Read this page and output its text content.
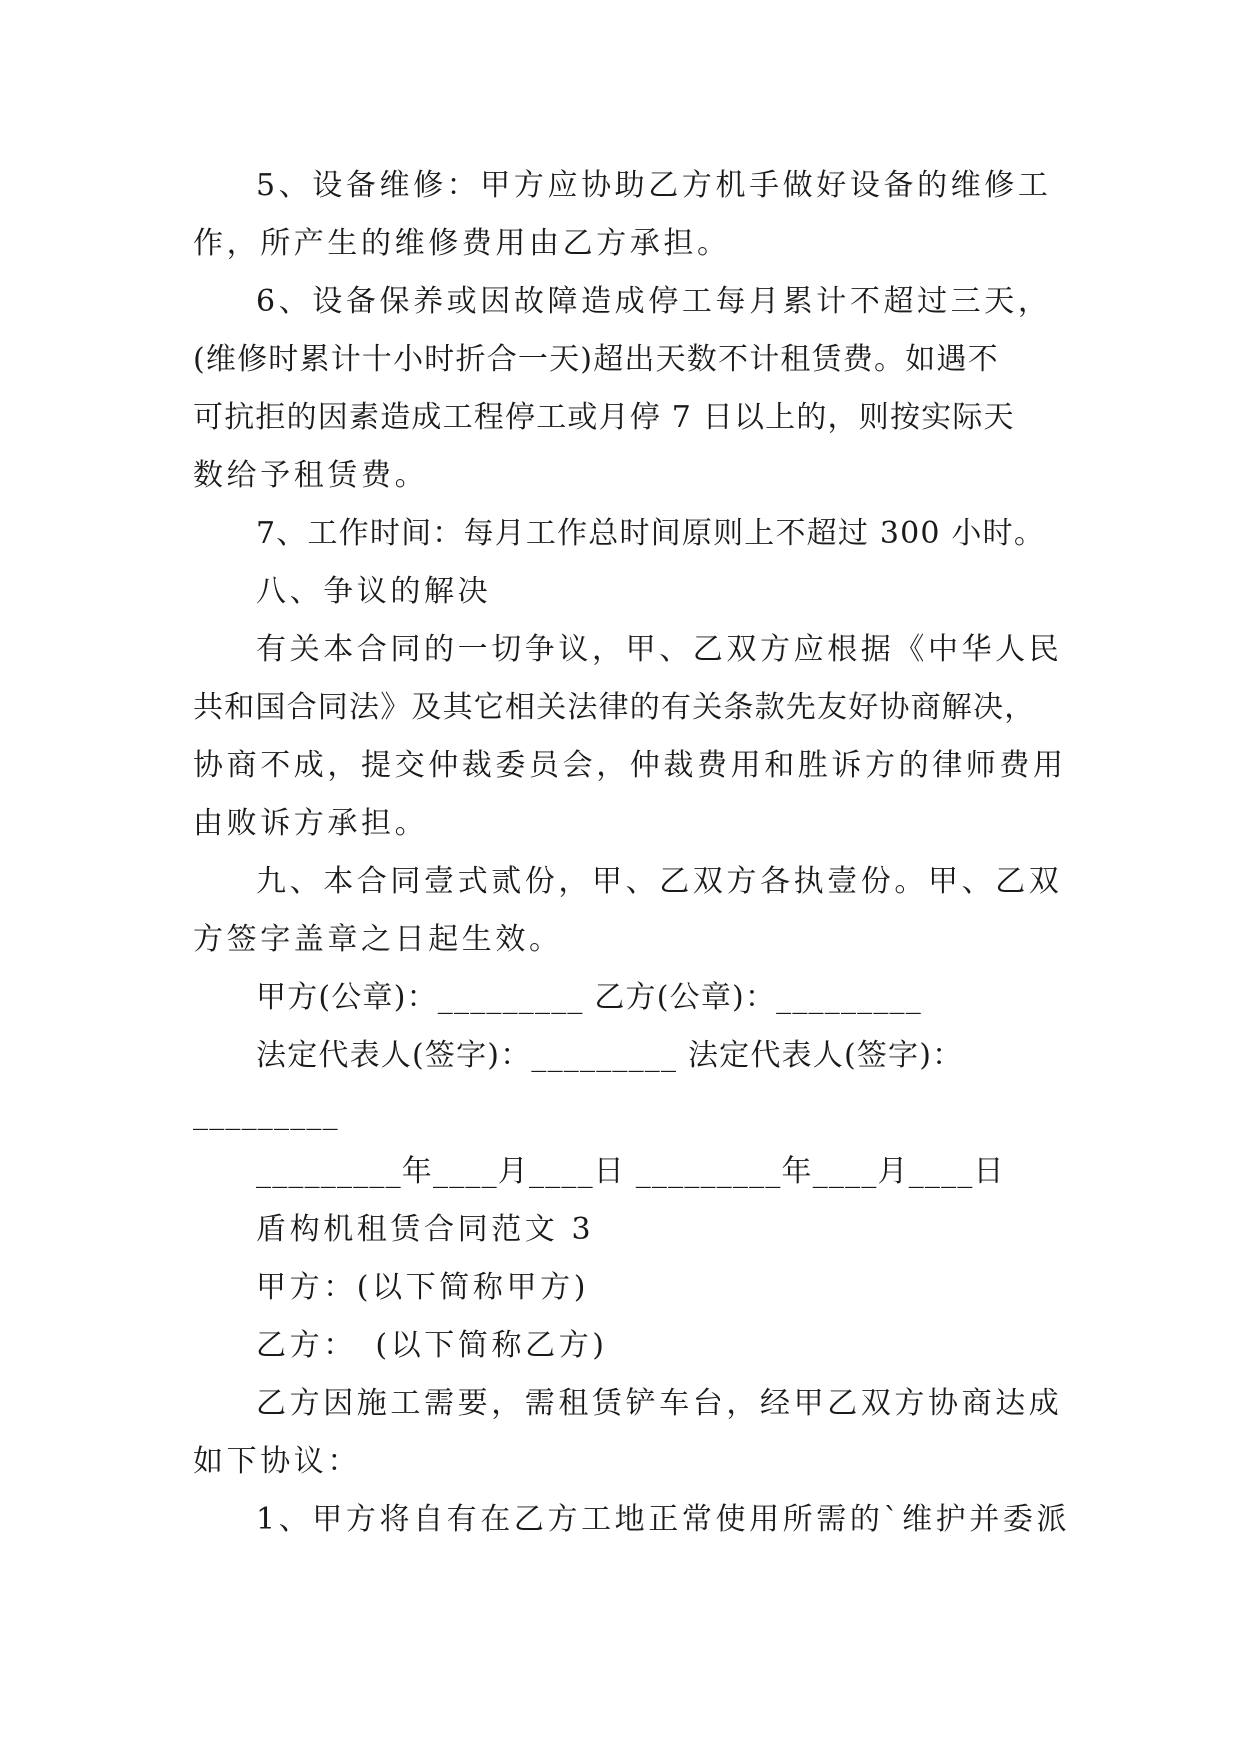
5、设备维修：甲方应协助乙方机手做好设备的维修工
作，所产生的维修费用由乙方承担。
6、设备保养或因故障造成停工每月累计不超过三天，
(维修时累计十小时折合一天)超出天数不计租赁费。如遇不
可抗拒的因素造成工程停工或月停 7 日以上的，则按实际天
数给予租赁费。
7、工作时间：每月工作总时间原则上不超过 300 小时。
八、争议的解决
有关本合同的一切争议，甲、乙双方应根据《中华人民
共和国合同法》及其它相关法律的有关条款先友好协商解决，
协商不成，提交仲裁委员会，仲裁费用和胜诉方的律师费用
由败诉方承担。
九、本合同壹式贰份，甲、乙双方各执壹份。甲、乙双
方签字盖章之日起生效。
甲方(公章)：_________ 乙方(公章)：_________
法定代表人(签字)：_________ 法定代表人(签字)：
_________
_________年____月____日 _________年____月____日
盾构机租赁合同范文 3
甲方：(以下简称甲方)
乙方：　(以下简称乙方)
乙方因施工需要，需租赁铲车台，经甲乙双方协商达成
如下协议：
1、甲方将自有在乙方工地正常使用所需的`维护并委派
